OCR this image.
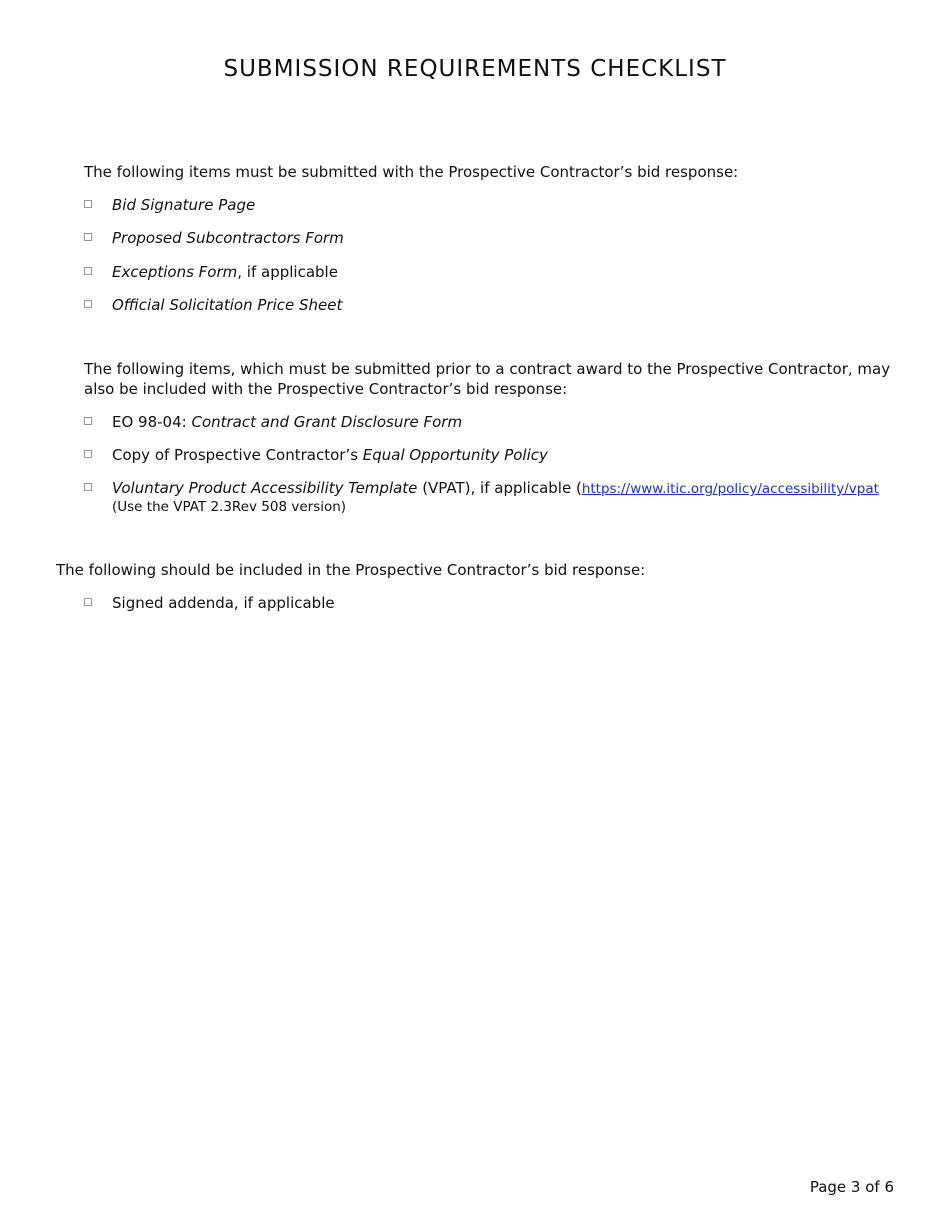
SUBMISSION REQUIREMENTS CHECKLIST

The following items must be submitted with the Prospective Contractor’s bid response:

Bid Signature Page
Proposed Subcontractors Form
Exceptions Form, if applicable
Official Solicitation Price Sheet

The following items, which must be submitted prior to a contract award to the Prospective Contractor, may also be included with the Prospective Contractor’s bid response:

EO 98-04: Contract and Grant Disclosure Form
Copy of Prospective Contractor’s Equal Opportunity Policy
Voluntary Product Accessibility Template (VPAT), if applicable (https://www.itic.org/policy/accessibility/vpat
(Use the VPAT 2.3Rev 508 version)

The following should be included in the Prospective Contractor’s bid response:

Signed addenda, if applicable
Page 3 of 6
